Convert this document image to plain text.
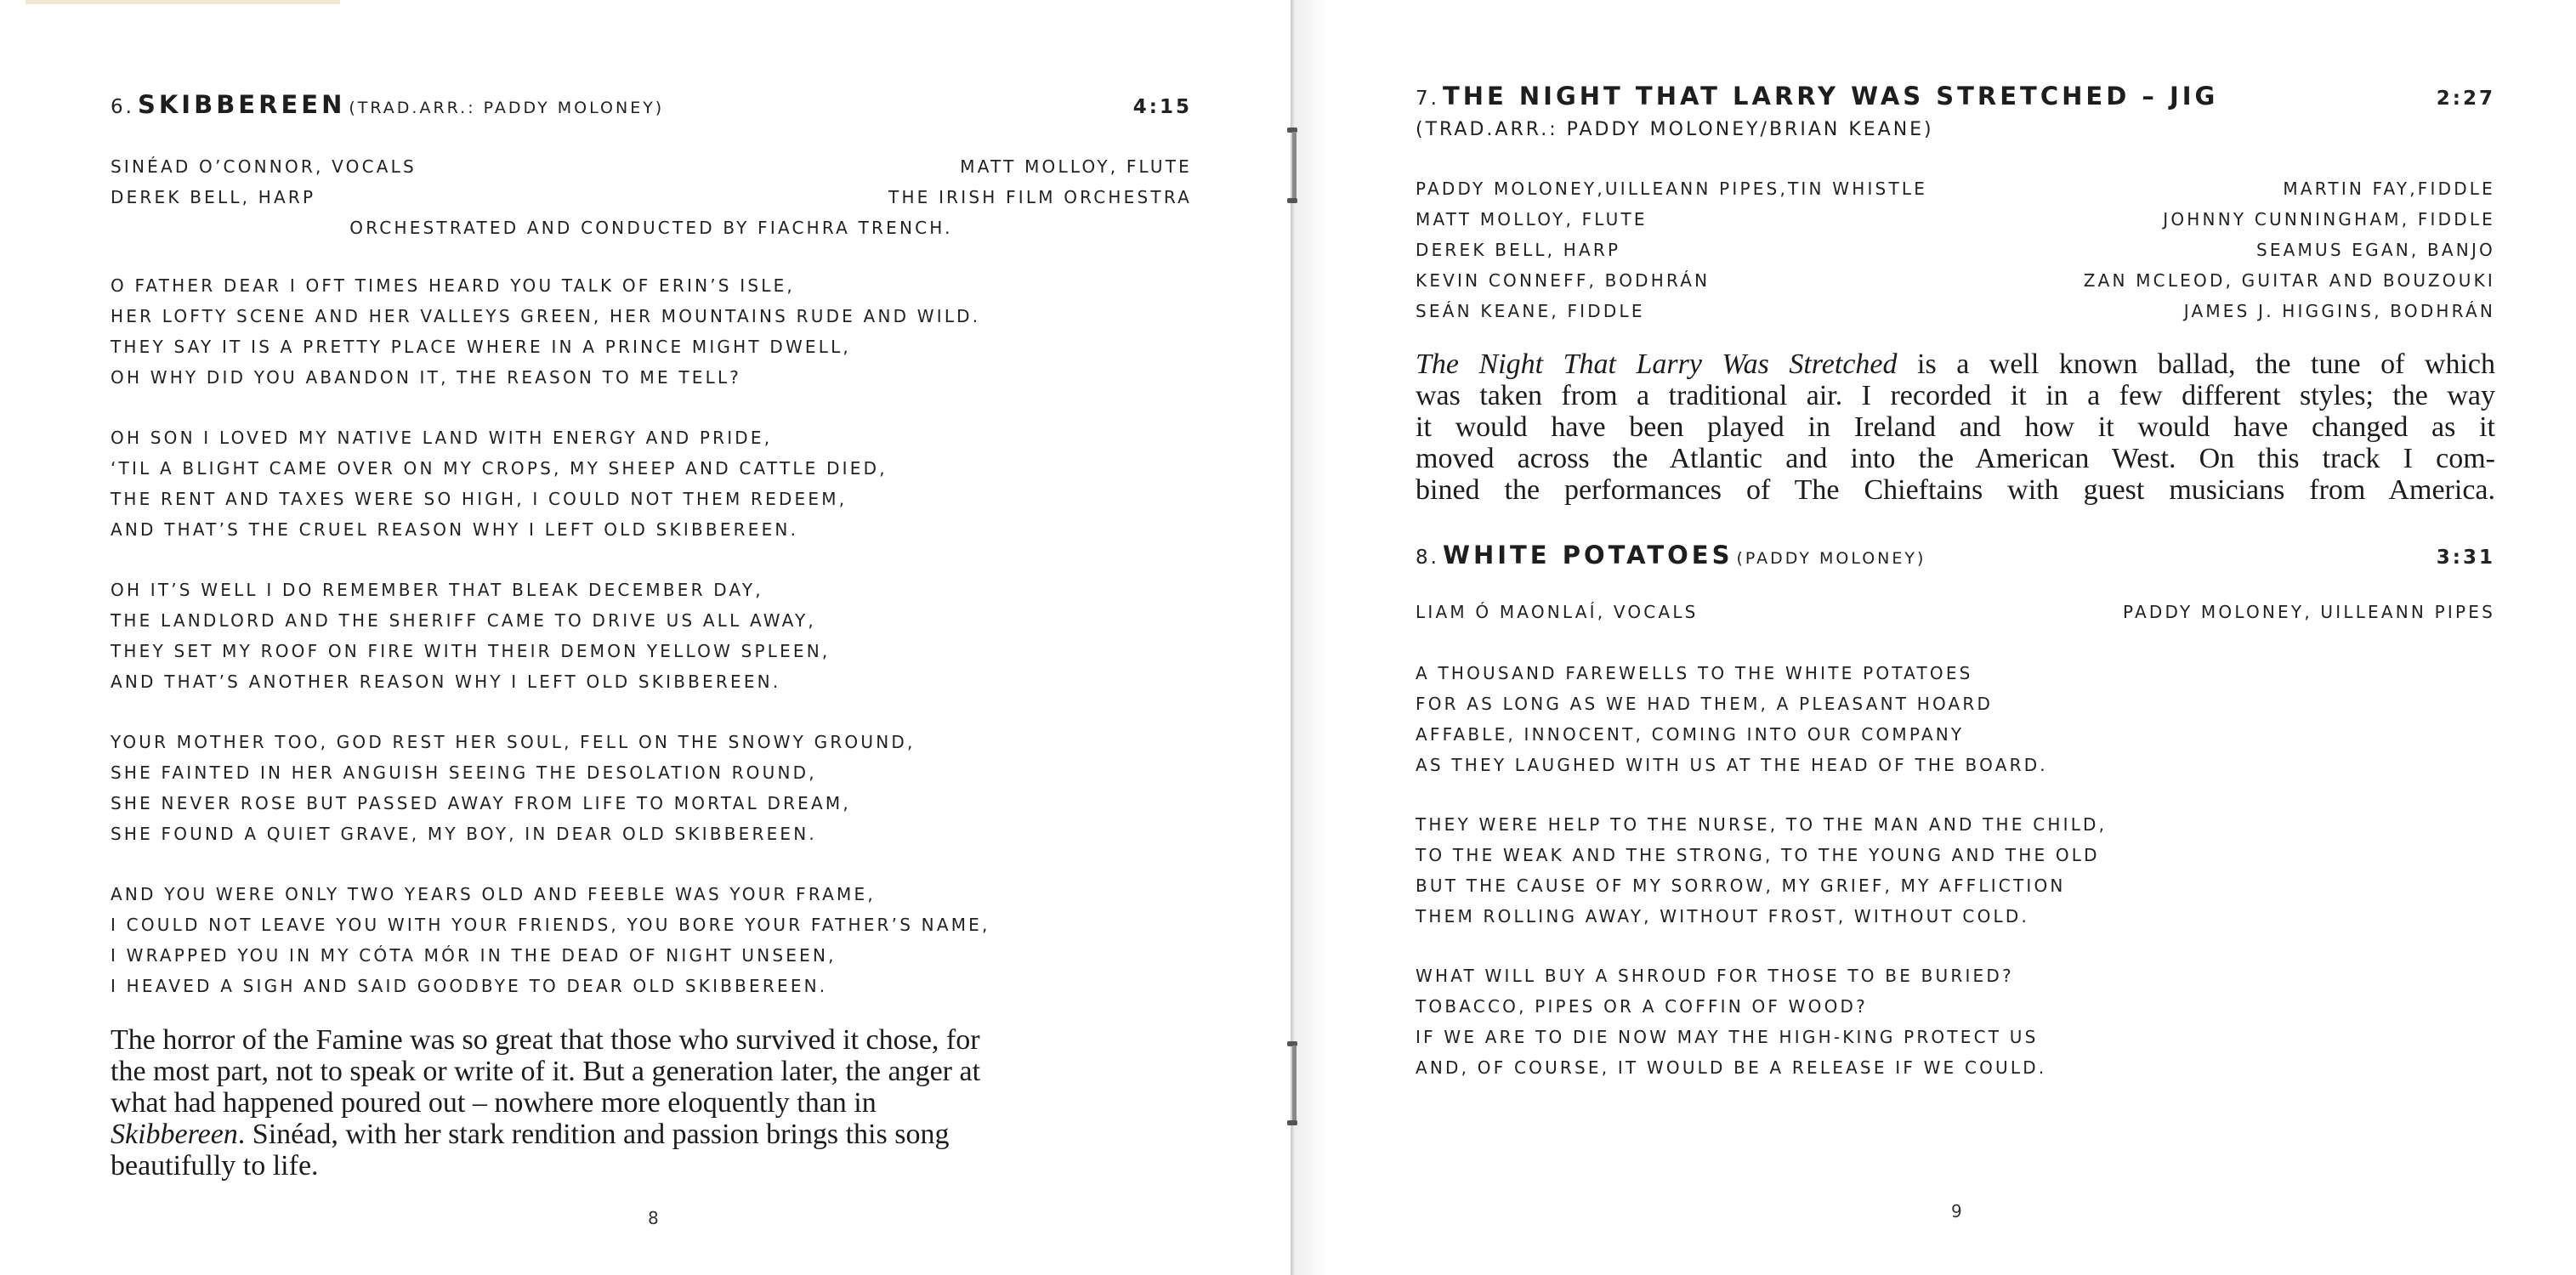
6. SKIBBEREEN (TRAD.ARR.: PADDY MOLONEY)	4:15
SINÉAD O’CONNOR, VOCALS	MATT MOLLOY, FLUTE
DEREK BELL, HARP	THE IRISH FILM ORCHESTRA
ORCHESTRATED AND CONDUCTED BY FIACHRA TRENCH.
O FATHER DEAR I OFT TIMES HEARD YOU TALK OF ERIN’S ISLE,
HER LOFTY SCENE AND HER VALLEYS GREEN, HER MOUNTAINS RUDE AND WILD.
THEY SAY IT IS A PRETTY PLACE WHERE IN A PRINCE MIGHT DWELL,
OH WHY DID YOU ABANDON IT, THE REASON TO ME TELL?
OH SON I LOVED MY NATIVE LAND WITH ENERGY AND PRIDE,
‘TIL A BLIGHT CAME OVER ON MY CROPS, MY SHEEP AND CATTLE DIED,
THE RENT AND TAXES WERE SO HIGH, I COULD NOT THEM REDEEM,
AND THAT’S THE CRUEL REASON WHY I LEFT OLD SKIBBEREEN.
OH IT’S WELL I DO REMEMBER THAT BLEAK DECEMBER DAY,
THE LANDLORD AND THE SHERIFF CAME TO DRIVE US ALL AWAY,
THEY SET MY ROOF ON FIRE WITH THEIR DEMON YELLOW SPLEEN,
AND THAT’S ANOTHER REASON WHY I LEFT OLD SKIBBEREEN.
YOUR MOTHER TOO, GOD REST HER SOUL, FELL ON THE SNOWY GROUND,
SHE FAINTED IN HER ANGUISH SEEING THE DESOLATION ROUND,
SHE NEVER ROSE BUT PASSED AWAY FROM LIFE TO MORTAL DREAM,
SHE FOUND A QUIET GRAVE, MY BOY, IN DEAR OLD SKIBBEREEN.
AND YOU WERE ONLY TWO YEARS OLD AND FEEBLE WAS YOUR FRAME,
I COULD NOT LEAVE YOU WITH YOUR FRIENDS, YOU BORE YOUR FATHER’S NAME,
I WRAPPED YOU IN MY CÓTA MÓR IN THE DEAD OF NIGHT UNSEEN,
I HEAVED A SIGH AND SAID GOODBYE TO DEAR OLD SKIBBEREEN.
The horror of the Famine was so great that those who survived it chose, for
the most part, not to speak or write of it. But a generation later, the anger at
what had happened poured out – nowhere more eloquently than in
Skibbereen. Sinéad, with her stark rendition and passion brings this song
beautifully to life.
8
7. THE NIGHT THAT LARRY WAS STRETCHED – JIG	2:27
(TRAD.ARR.: PADDY MOLONEY/BRIAN KEANE)
PADDY MOLONEY,UILLEANN PIPES,TIN WHISTLE	MARTIN FAY,FIDDLE
MATT MOLLOY, FLUTE	JOHNNY CUNNINGHAM, FIDDLE
DEREK BELL, HARP	SEAMUS EGAN, BANJO
KEVIN CONNEFF, BODHRÁN	ZAN MCLEOD, GUITAR AND BOUZOUKI
SEÁN KEANE, FIDDLE	JAMES J. HIGGINS, BODHRÁN
The Night That Larry Was Stretched is a well known ballad, the tune of which
was taken from a traditional air. I recorded it in a few different styles; the way
it would have been played in Ireland and how it would have changed as it
moved across the Atlantic and into the American West. On this track I com-
bined the performances of The Chieftains with guest musicians from America.
8. WHITE POTATOES (PADDY MOLONEY)	3:31
LIAM Ó MAONLAÍ, VOCALS	PADDY MOLONEY, UILLEANN PIPES
A THOUSAND FAREWELLS TO THE WHITE POTATOES
FOR AS LONG AS WE HAD THEM, A PLEASANT HOARD
AFFABLE, INNOCENT, COMING INTO OUR COMPANY
AS THEY LAUGHED WITH US AT THE HEAD OF THE BOARD.
THEY WERE HELP TO THE NURSE, TO THE MAN AND THE CHILD,
TO THE WEAK AND THE STRONG, TO THE YOUNG AND THE OLD
BUT THE CAUSE OF MY SORROW, MY GRIEF, MY AFFLICTION
THEM ROLLING AWAY, WITHOUT FROST, WITHOUT COLD.
WHAT WILL BUY A SHROUD FOR THOSE TO BE BURIED?
TOBACCO, PIPES OR A COFFIN OF WOOD?
IF WE ARE TO DIE NOW MAY THE HIGH-KING PROTECT US
AND, OF COURSE, IT WOULD BE A RELEASE IF WE COULD.
9
